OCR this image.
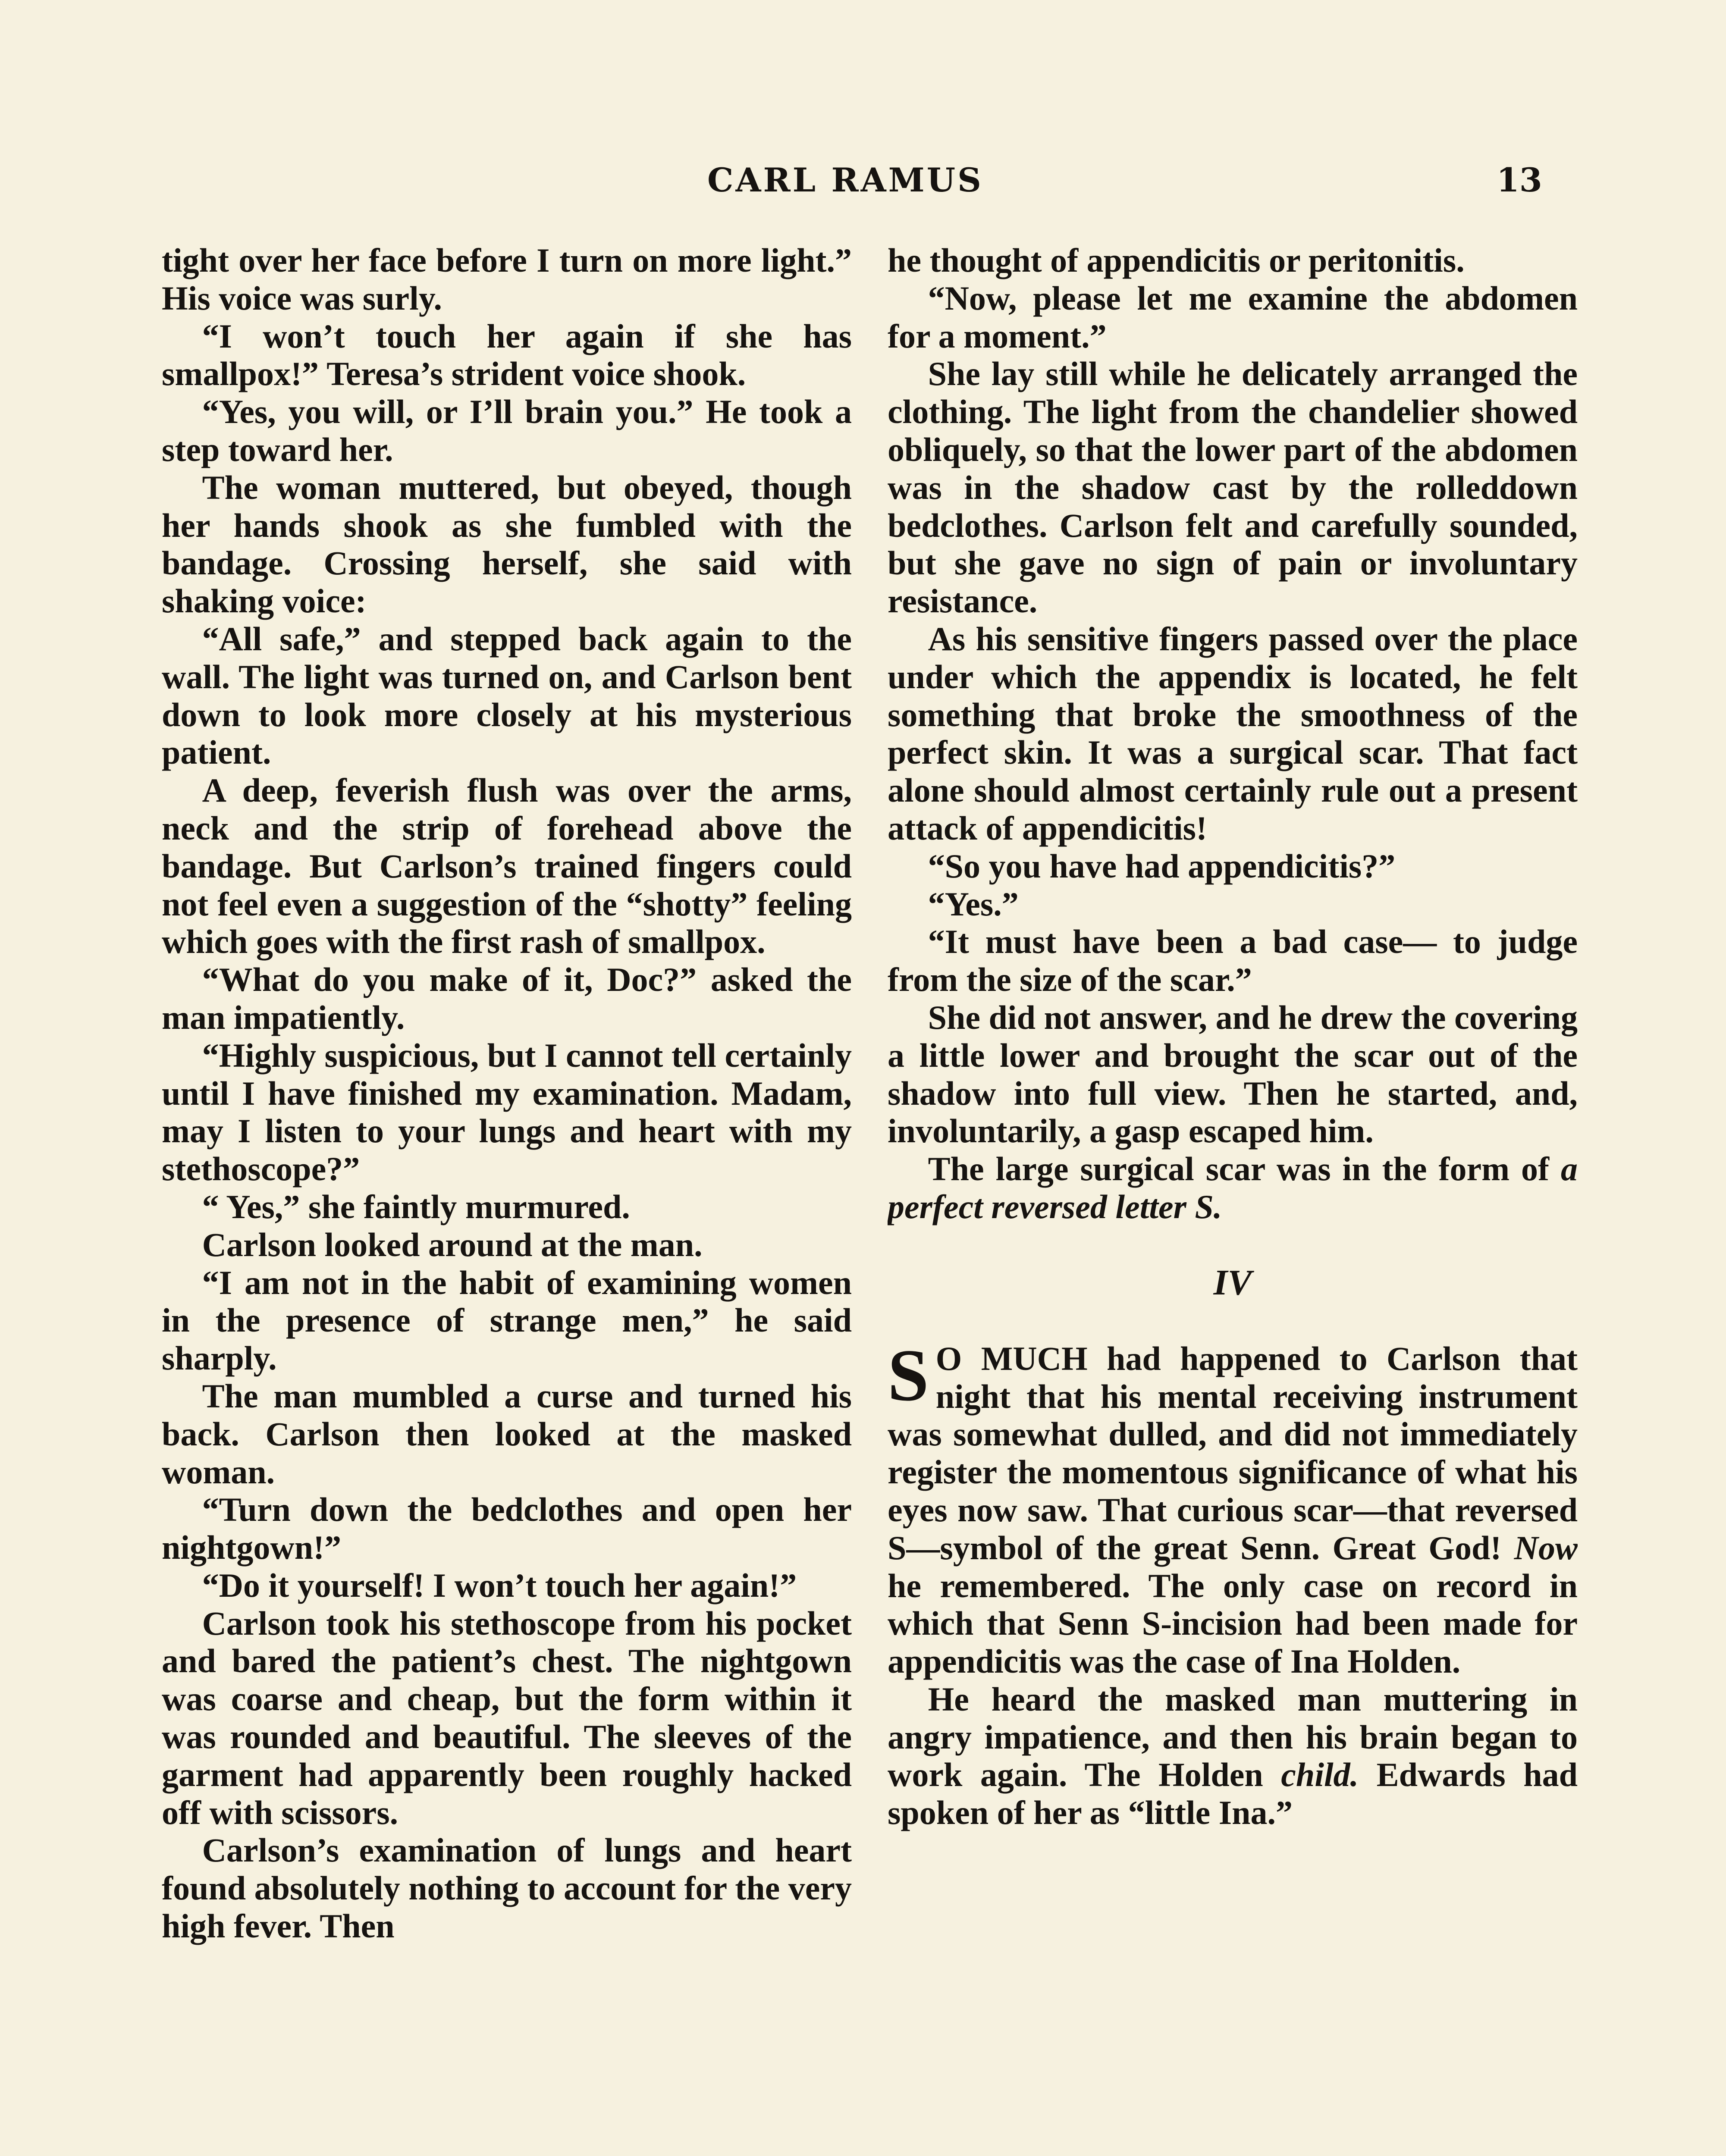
CARL RAMUS	13

tight over her face before I turn on more light.” His voice was surly.

“I won’t touch her again if she has smallpox!” Teresa’s strident voice shook.

“Yes, you will, or I’ll brain you.” He took a step toward her.

The woman muttered, but obeyed, though her hands shook as she fumbled with the bandage. Crossing herself, she said with shaking voice:

“All safe,” and stepped back again to the wall. The light was turned on, and Carlson bent down to look more closely at his mysterious patient.

A deep, feverish flush was over the arms, neck and the strip of forehead above the bandage. But Carlson’s trained fingers could not feel even a suggestion of the “shotty” feeling which goes with the first rash of smallpox.

“What do you make of it, Doc?” asked the man impatiently.

“Highly suspicious, but I cannot tell certainly until I have finished my examination. Madam, may I listen to your lungs and heart with my stethoscope?”

“ Yes,” she faintly murmured.

Carlson looked around at the man.

“I am not in the habit of examining women in the presence of strange men,” he said sharply.

The man mumbled a curse and turned his back. Carlson then looked at the masked woman.

“Turn down the bedclothes and open her nightgown!”

“Do it yourself! I won’t touch her again!”

Carlson took his stethoscope from his pocket and bared the patient’s chest. The nightgown was coarse and cheap, but the form within it was rounded and beautiful. The sleeves of the garment had apparently been roughly hacked off with scissors.

Carlson’s examination of lungs and heart found absolutely nothing to account for the very high fever. Then

he thought of appendicitis or peritonitis.

“Now, please let me examine the abdomen for a moment.”

She lay still while he delicately arranged the clothing. The light from the chandelier showed obliquely, so that the lower part of the abdomen was in the shadow cast by the rolleddown bedclothes. Carlson felt and carefully sounded, but she gave no sign of pain or involuntary resistance.

As his sensitive fingers passed over the place under which the appendix is located, he felt something that broke the smoothness of the perfect skin. It was a surgical scar. That fact alone should almost certainly rule out a present attack of appendicitis!

“So you have had appendicitis?”

“Yes.”

“It must have been a bad case— to judge from the size of the scar.”

She did not answer, and he drew the covering a little lower and brought the scar out of the shadow into full view. Then he started, and, involuntarily, a gasp escaped him.

The large surgical scar was in the form of a perfect reversed letter S.

IV

S O MUCH had happened to Carlson that night that his mental receiving instrument was somewhat dulled, and did not immediately register the momentous significance of what his eyes now saw. That curious scar—that reversed S—symbol of the great Senn. Great God! Now he remembered. The only case on record in which that Senn S-incision had been made for appendicitis was the case of Ina Holden.

He heard the masked man muttering in angry impatience, and then his brain began to work again. The Holden child. Edwards had spoken of her as “little Ina.”
